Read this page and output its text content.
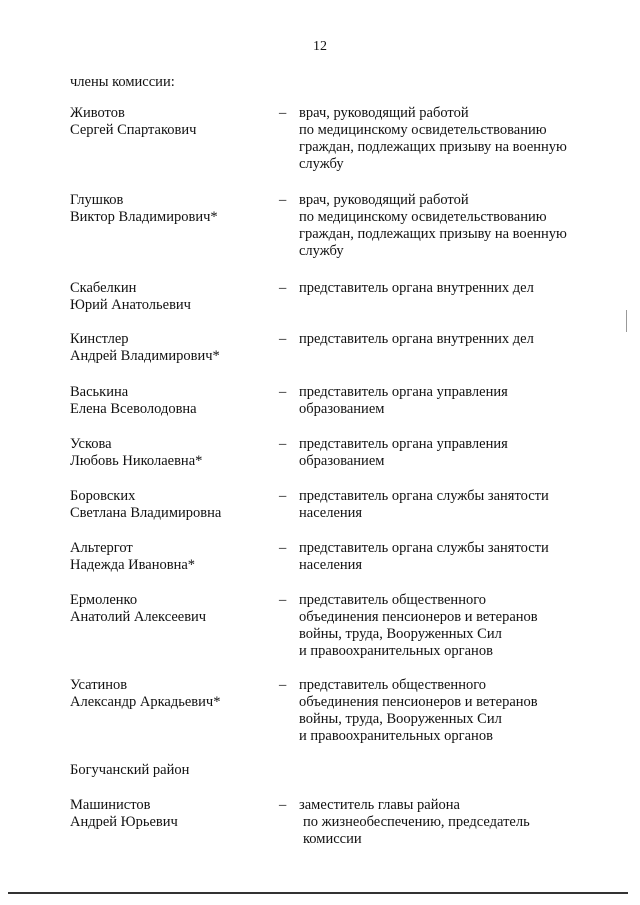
12
члены комиссии:
Животов
Сергей Спартакович
– врач, руководящий работой
по медицинскому освидетельствованию
граждан, подлежащих призыву на военную
службу
Глушков
Виктор Владимирович*
– врач, руководящий работой
по медицинскому освидетельствованию
граждан, подлежащих призыву на военную
службу
Скабелкин
Юрий Анатольевич
– представитель органа внутренних дел
Кинстлер
Андрей Владимирович*
– представитель органа внутренних дел
Васькина
Елена Всеволодовна
– представитель органа управления
образованием
Ускова
Любовь Николаевна*
– представитель органа управления
образованием
Боровских
Светлана Владимировна
– представитель органа службы занятости
населения
Альтергот
Надежда Ивановна*
– представитель органа службы занятости
населения
Ермоленко
Анатолий Алексеевич
– представитель общественного
объединения пенсионеров и ветеранов
войны, труда, Вооруженных Сил
и правоохранительных органов
Усатинов
Александр Аркадьевич*
– представитель общественного
объединения пенсионеров и ветеранов
войны, труда, Вооруженных Сил
и правоохранительных органов
Богучанский район
Машинистов
Андрей Юрьевич
– заместитель главы района
по жизнеобеспечению, председатель
комиссии
